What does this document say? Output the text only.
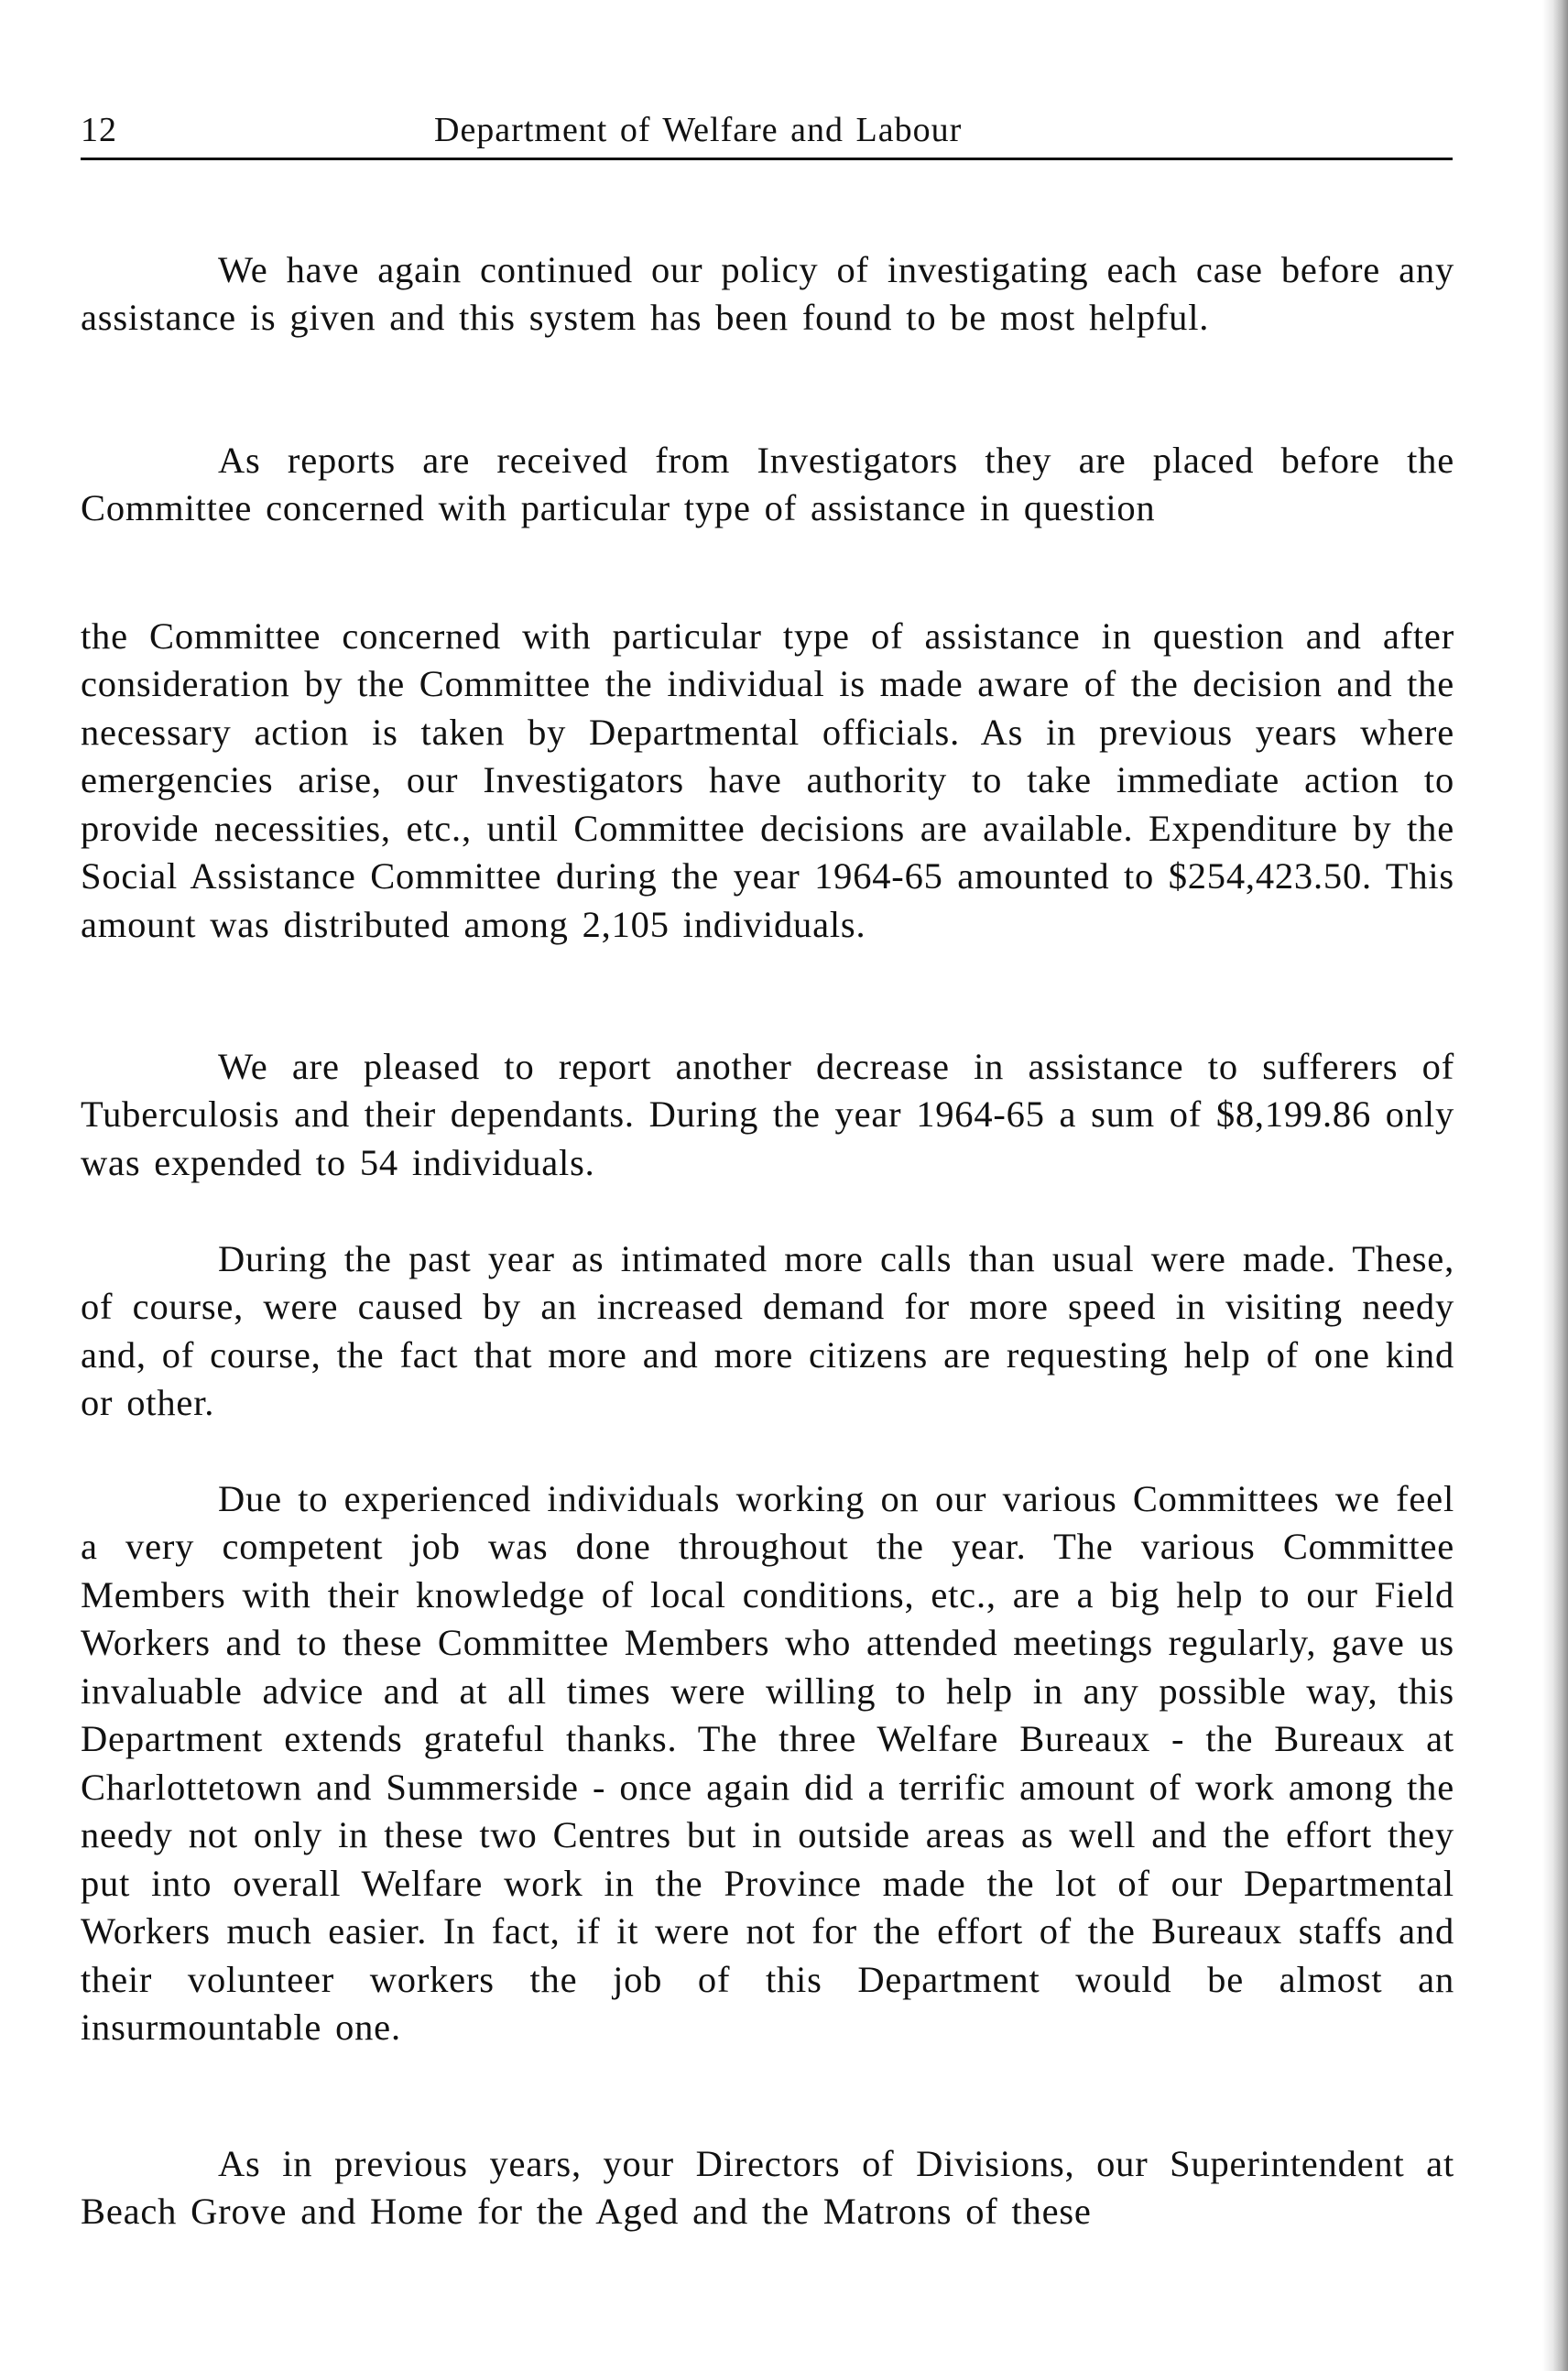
12	Department of Welfare and Labour

We have again continued our policy of investigating each case before any assistance is given and this system has been found to be most helpful.

As reports are received from Investigators they are placed before the Committee concerned with particular type of assistance in question

the Committee concerned with particular type of assistance in question and after consideration by the Committee the individual is made aware of the decision and the necessary action is taken by Departmental officials. As in previous years where emergencies arise, our Investigators have authority to take immediate action to provide necessities, etc., until Committee decisions are available. Expenditure by the Social Assistance Committee during the year 1964-65 amounted to $254,423.50. This amount was distributed among 2,105 individuals.

We are pleased to report another decrease in assistance to sufferers of Tuberculosis and their dependants. During the year 1964-65 a sum of $8,199.86 only was expended to 54 individuals.

During the past year as intimated more calls than usual were made. These, of course, were caused by an increased demand for more speed in visiting needy and, of course, the fact that more and more citizens are requesting help of one kind or other.

Due to experienced individuals working on our various Committees we feel a very competent job was done throughout the year. The various Committee Members with their knowledge of local conditions, etc., are a big help to our Field Workers and to these Committee Members who attended meetings regularly, gave us invaluable advice and at all times were willing to help in any possible way, this Department extends grateful thanks. The three Welfare Bureaux - the Bureaux at Charlottetown and Summerside - once again did a terrific amount of work among the needy not only in these two Centres but in outside areas as well and the effort they put into overall Welfare work in the Province made the lot of our Departmental Workers much easier. In fact, if it were not for the effort of the Bureaux staffs and their volunteer workers the job of this Department would be almost an insurmountable one.

As in previous years, your Directors of Divisions, our Superintendent at Beach Grove and Home for the Aged and the Matrons of these
